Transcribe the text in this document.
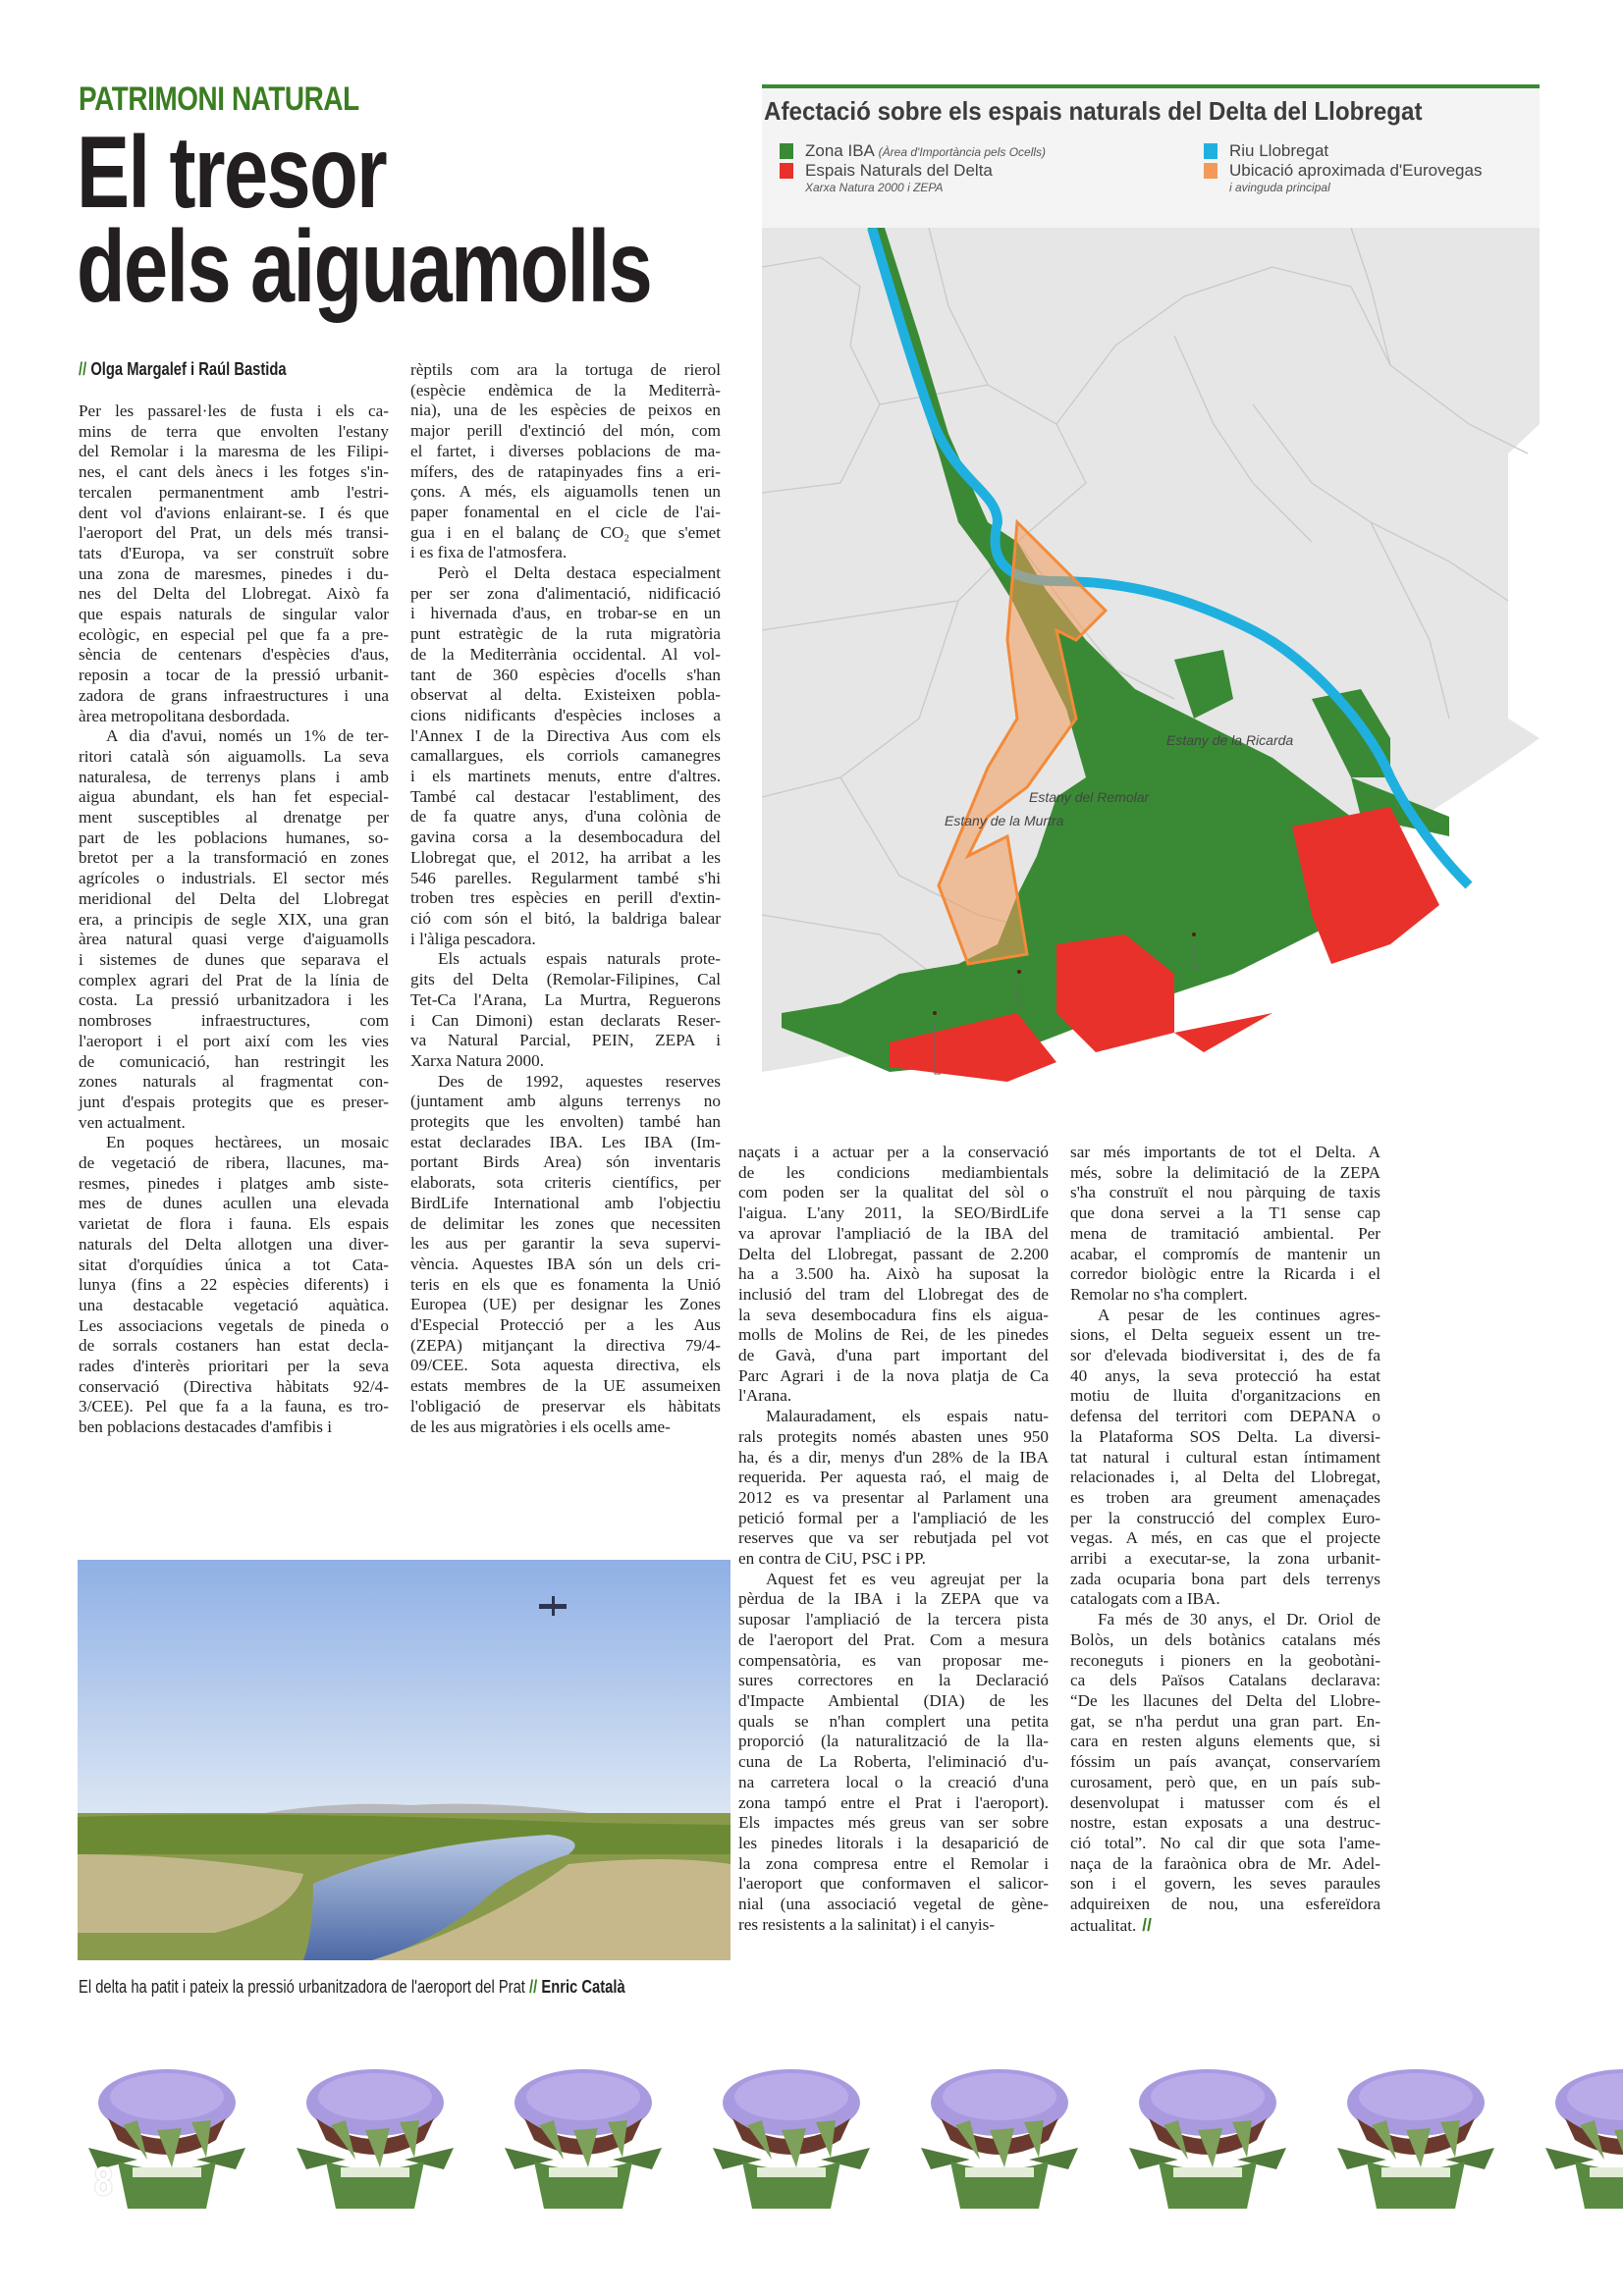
PATRIMONI NATURAL
El tresor
dels aiguamolls
// Olga Margalef i Raúl Bastida

Per les passarel·les de fusta i els ca-
mins de terra que envolten l'estany
del Remolar i la maresma de les Filipi-
nes, el cant dels ànecs i les fotges s'in-
tercalen permanentment amb l'estri-
dent vol d'avions enlairant-se. I és que
l'aeroport del Prat, un dels més transi-
tats d'Europa, va ser construït sobre
una zona de maresmes, pinedes i du-
nes del Delta del Llobregat. Això fa
que espais naturals de singular valor
ecològic, en especial pel que fa a pre-
sència de centenars d'espècies d'aus,
reposin a tocar de la pressió urbanit-
zadora de grans infraestructures i una
àrea metropolitana desbordada.

A dia d'avui, només un 1% de ter-
ritori català són aiguamolls. La seva
naturalesa, de terrenys plans i amb
aigua abundant, els han fet especial-
ment susceptibles al drenatge per
part de les poblacions humanes, so-
bretot per a la transformació en zones
agrícoles o industrials. El sector més
meridional del Delta del Llobregat
era, a principis de segle XIX, una gran
àrea natural quasi verge d'aiguamolls
i sistemes de dunes que separava el
complex agrari del Prat de la línia de
costa. La pressió urbanitzadora i les
nombroses infraestructures, com
l'aeroport i el port així com les vies
de comunicació, han restringit les
zones naturals al fragmentat con-
junt d'espais protegits que es preser-
ven actualment.

En poques hectàrees, un mosaic
de vegetació de ribera, llacunes, ma-
resmes, pinedes i platges amb siste-
mes de dunes acullen una elevada
varietat de flora i fauna. Els espais
naturals del Delta allotgen una diver-
sitat d'orquídies única a tot Cata-
lunya (fins a 22 espècies diferents) i
una destacable vegetació aquàtica.
Les associacions vegetals de pineda o
de sorrals costaners han estat decla-
rades d'interès prioritari per la seva
conservació (Directiva hàbitats 92/4-
3/CEE). Pel que fa a la fauna, es tro-
ben poblacions destacades d'amfibis i

rèptils com ara la tortuga de rierol
(espècie endèmica de la Mediterrà-
nia), una de les espècies de peixos en
major perill d'extinció del món, com
el fartet, i diverses poblacions de ma-
mífers, des de ratapinyades fins a eri-
çons. A més, els aiguamolls tenen un
paper fonamental en el cicle de l'ai-
gua i en el balanç de CO₂ que s'emet
i es fixa de l'atmosfera.

Però el Delta destaca especialment
per ser zona d'alimentació, nidificació
i hivernada d'aus, en trobar-se en un
punt estratègic de la ruta migratòria
de la Mediterrània occidental. Al vol-
tant de 360 espècies d'ocells s'han
observat al delta. Existeixen pobla-
cions nidificants d'espècies incloses a
l'Annex I de la Directiva Aus com els
camallargues, els corriols camanegres
i els martinets menuts, entre d'altres.
També cal destacar l'establiment, des
de fa quatre anys, d'una colònia de
gavina corsa a la desembocadura del
Llobregat que, el 2012, ha arribat a les
546 parelles. Regularment també s'hi
troben tres espècies en perill d'extin-
ció com són el bitó, la baldriga balear
i l'àliga pescadora.

Els actuals espais naturals prote-
gits del Delta (Remolar-Filipines, Cal
Tet-Ca l'Arana, La Murtra, Reguerons
i Can Dimoni) estan declarats Reser-
va Natural Parcial, PEIN, ZEPA i
Xarxa Natura 2000.

Des de 1992, aquestes reserves
(juntament amb alguns terrenys no
protegits que les envolten) també han
estat declarades IBA. Les IBA (Im-
portant Birds Area) són inventaris
elaborats, sota criteris científics, per
BirdLife International amb l'objectiu
de delimitar les zones que necessiten
les aus per garantir la seva supervi-
vència. Aquestes IBA són un dels cri-
teris en els que es fonamenta la Unió
Europea (UE) per designar les Zones
d'Especial Protecció per a les Aus
(ZEPA) mitjançant la directiva 79/4-
09/CEE. Sota aquesta directiva, els
estats membres de la UE assumeixen
l'obligació de preservar els hàbitats
de les aus migratòries i els ocells ame-

naçats i a actuar per a la conservació
de les condicions mediambientals
com poden ser la qualitat del sòl o
l'aigua. L'any 2011, la SEO/BirdLife
va aprovar l'ampliació de la IBA del
Delta del Llobregat, passant de 2.200
ha a 3.500 ha. Això ha suposat la
inclusió del tram del Llobregat des de
la seva desembocadura fins els aigua-
molls de Molins de Rei, de les pinedes
de Gavà, d'una part important del
Parc Agrari i de la nova platja de Ca
l'Arana.

Malauradament, els espais natu-
rals protegits només abasten unes 950
ha, és a dir, menys d'un 28% de la IBA
requerida. Per aquesta raó, el maig de
2012 es va presentar al Parlament una
petició formal per a l'ampliació de les
reserves que va ser rebutjada pel vot
en contra de CiU, PSC i PP.

Aquest fet es veu agreujat per la
pèrdua de la IBA i la ZEPA que va
suposar l'ampliació de la tercera pista
de l'aeroport del Prat. Com a mesura
compensatòria, es van proposar me-
sures correctores en la Declaració
d'Impacte Ambiental (DIA) de les
quals se n'han complert una petita
proporció (la naturalització de la lla-
cuna de La Roberta, l'eliminació d'u-
na carretera local o la creació d'una
zona tampó entre el Prat i l'aeroport).
Els impactes més greus van ser sobre
les pinedes litorals i la desaparició de
la zona compresa entre el Remolar i
l'aeroport que conformaven el salicor-
nial (una associació vegetal de gène-
res resistents a la salinitat) i el canyis-

sar més importants de tot el Delta. A
més, sobre la delimitació de la ZEPA
s'ha construït el nou pàrquing de taxis
que dona servei a la T1 sense cap
mena de tramitació ambiental. Per
acabar, el compromís de mantenir un
corredor biològic entre la Ricarda i el
Remolar no s'ha complert.

A pesar de les continues agres-
sions, el Delta segueix essent un tre-
sor d'elevada biodiversitat i, des de fa
40 anys, la seva protecció ha estat
motiu de lluita d'organitzacions en
defensa del territori com DEPANA o
la Plataforma SOS Delta. La diversi-
tat natural i cultural estan íntimament
relacionades i, al Delta del Llobregat,
es troben ara greument amenaçades
per la construcció del complex Euro-
vegas. A més, en cas que el projecte
arribi a executar-se, la zona urbanit-
zada ocuparia bona part dels terrenys
catalogats com a IBA.

Fa més de 30 anys, el Dr. Oriol de
Bolòs, un dels botànics catalans més
reconeguts i pioners en la geobotàni-
ca dels Països Catalans declarava:
“De les llacunes del Delta del Llobre-
gat, se n'ha perdut una gran part. En-
cara en resten alguns elements que, si
fóssim un país avançat, conservaríem
curosament, però que, en un país sub-
desenvolupat i matusser com és el
nostre, estan exposats a una destruc-
ció total”. No cal dir que sota l'ame-
naça de la faraònica obra de Mr. Adel-
son i el govern, les seves paraules
adquireixen de nou, una esfereïdora
actualitat. //

Afectació sobre els espais naturals del Delta del Llobregat
Zona IBA (Àrea d'Importància pels Ocells)
Espais Naturals del Delta
Xarxa Natura 2000 i ZEPA
Riu Llobregat
Ubicació aproximada d'Eurovegas
i avinguda principal
Estany de la Ricarda
Estany del Remolar
Estany de la Murtra
El delta ha patit i pateix la pressió urbanitzadora de l'aeroport del Prat // Enric Català
8
